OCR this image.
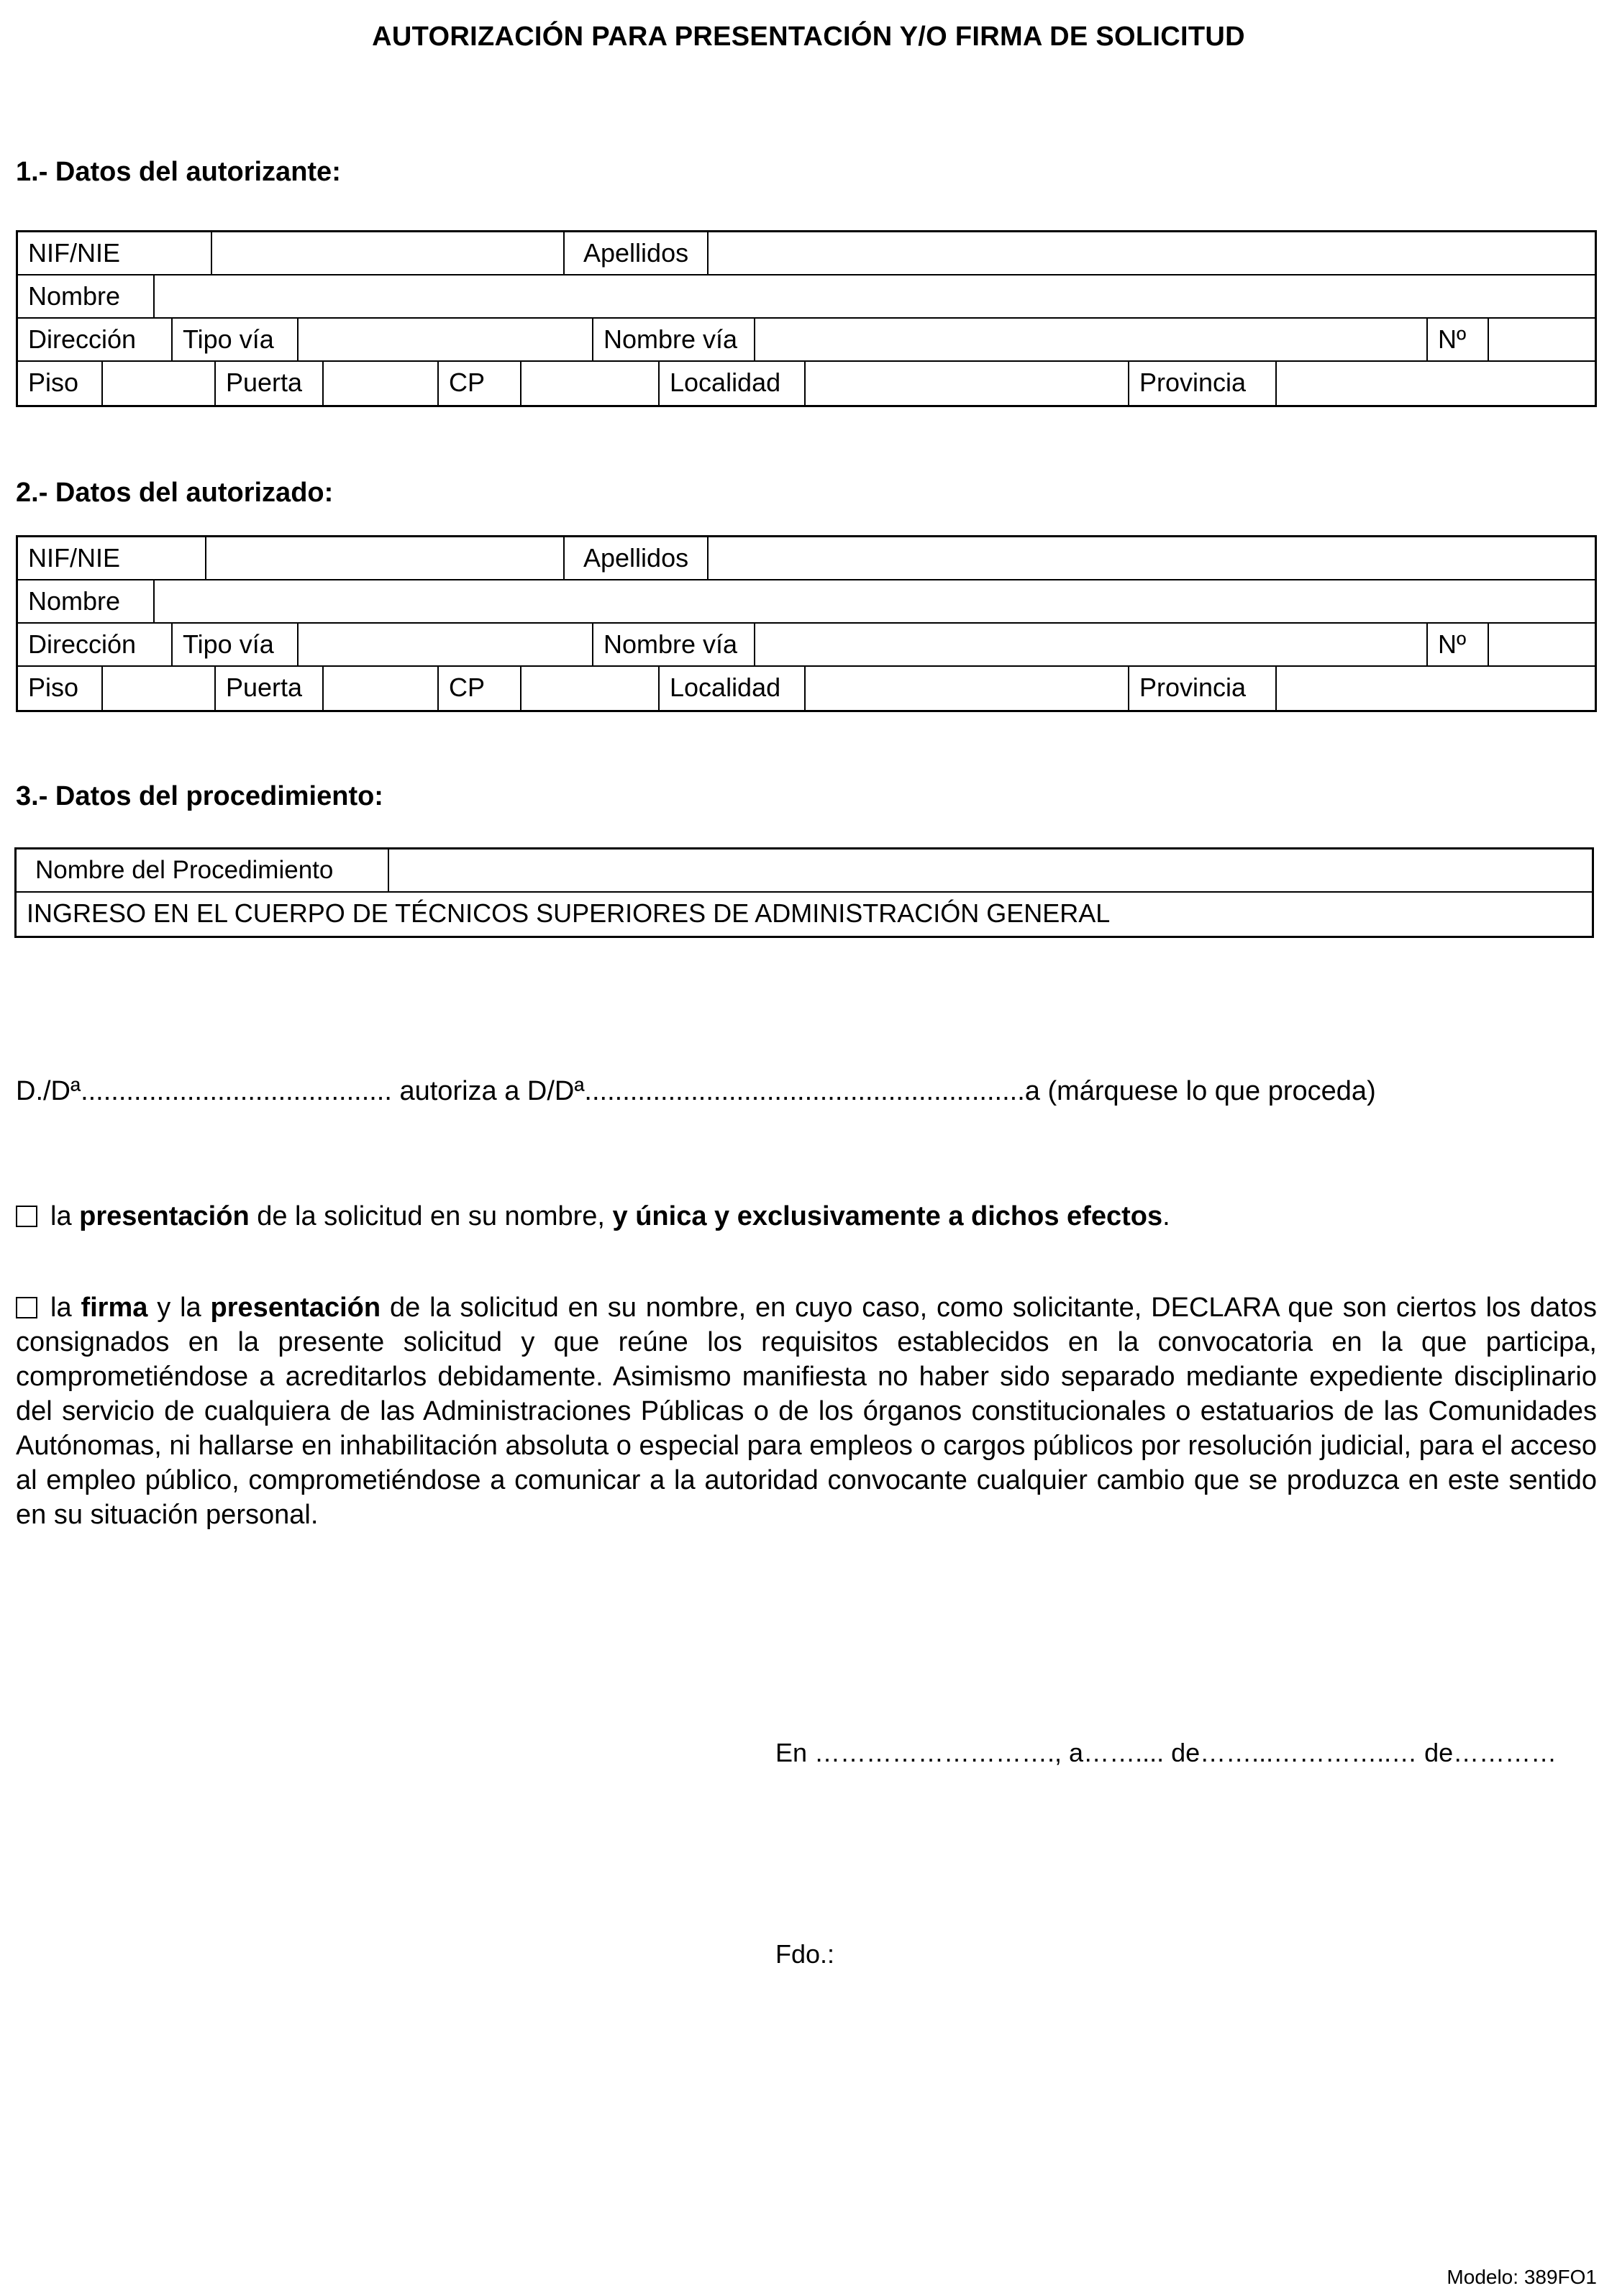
AUTORIZACIÓN PARA PRESENTACIÓN Y/O FIRMA DE SOLICITUD
1.- Datos del autorizante:
NIF/NIE	Apellidos
Nombre
Dirección	Tipo vía	Nombre vía	Nº
Piso	Puerta	CP	Localidad	Provincia
2.- Datos del autorizado:
NIF/NIE	Apellidos
Nombre
Dirección	Tipo vía	Nombre vía	Nº
Piso	Puerta	CP	Localidad	Provincia
3.- Datos del procedimiento:
Nombre del Procedimiento
INGRESO EN EL CUERPO DE TÉCNICOS SUPERIORES DE ADMINISTRACIÓN GENERAL
D./Dª......................................... autoriza a D/Dª..........................................................a (márquese lo que proceda)
la presentación de la solicitud en su nombre, y única y exclusivamente a dichos efectos.
la firma y la presentación de la solicitud en su nombre, en cuyo caso, como solicitante, DECLARA que son ciertos los datos consignados en la presente solicitud y que reúne los requisitos establecidos en la convocatoria en la que participa, comprometiéndose a acreditarlos debidamente. Asimismo manifiesta no haber sido separado mediante expediente disciplinario del servicio de cualquiera de las Administraciones Públicas o de los órganos constitucionales o estatuarios de las Comunidades Autónomas, ni hallarse en inhabilitación absoluta o especial para empleos o cargos públicos por resolución judicial, para el acceso al empleo público, comprometiéndose a comunicar a la autoridad convocante cualquier cambio que se produzca en este sentido en su situación personal.
En ………………………., a…….... de……...…………..… de…………
Fdo.:
Modelo: 389FO1
